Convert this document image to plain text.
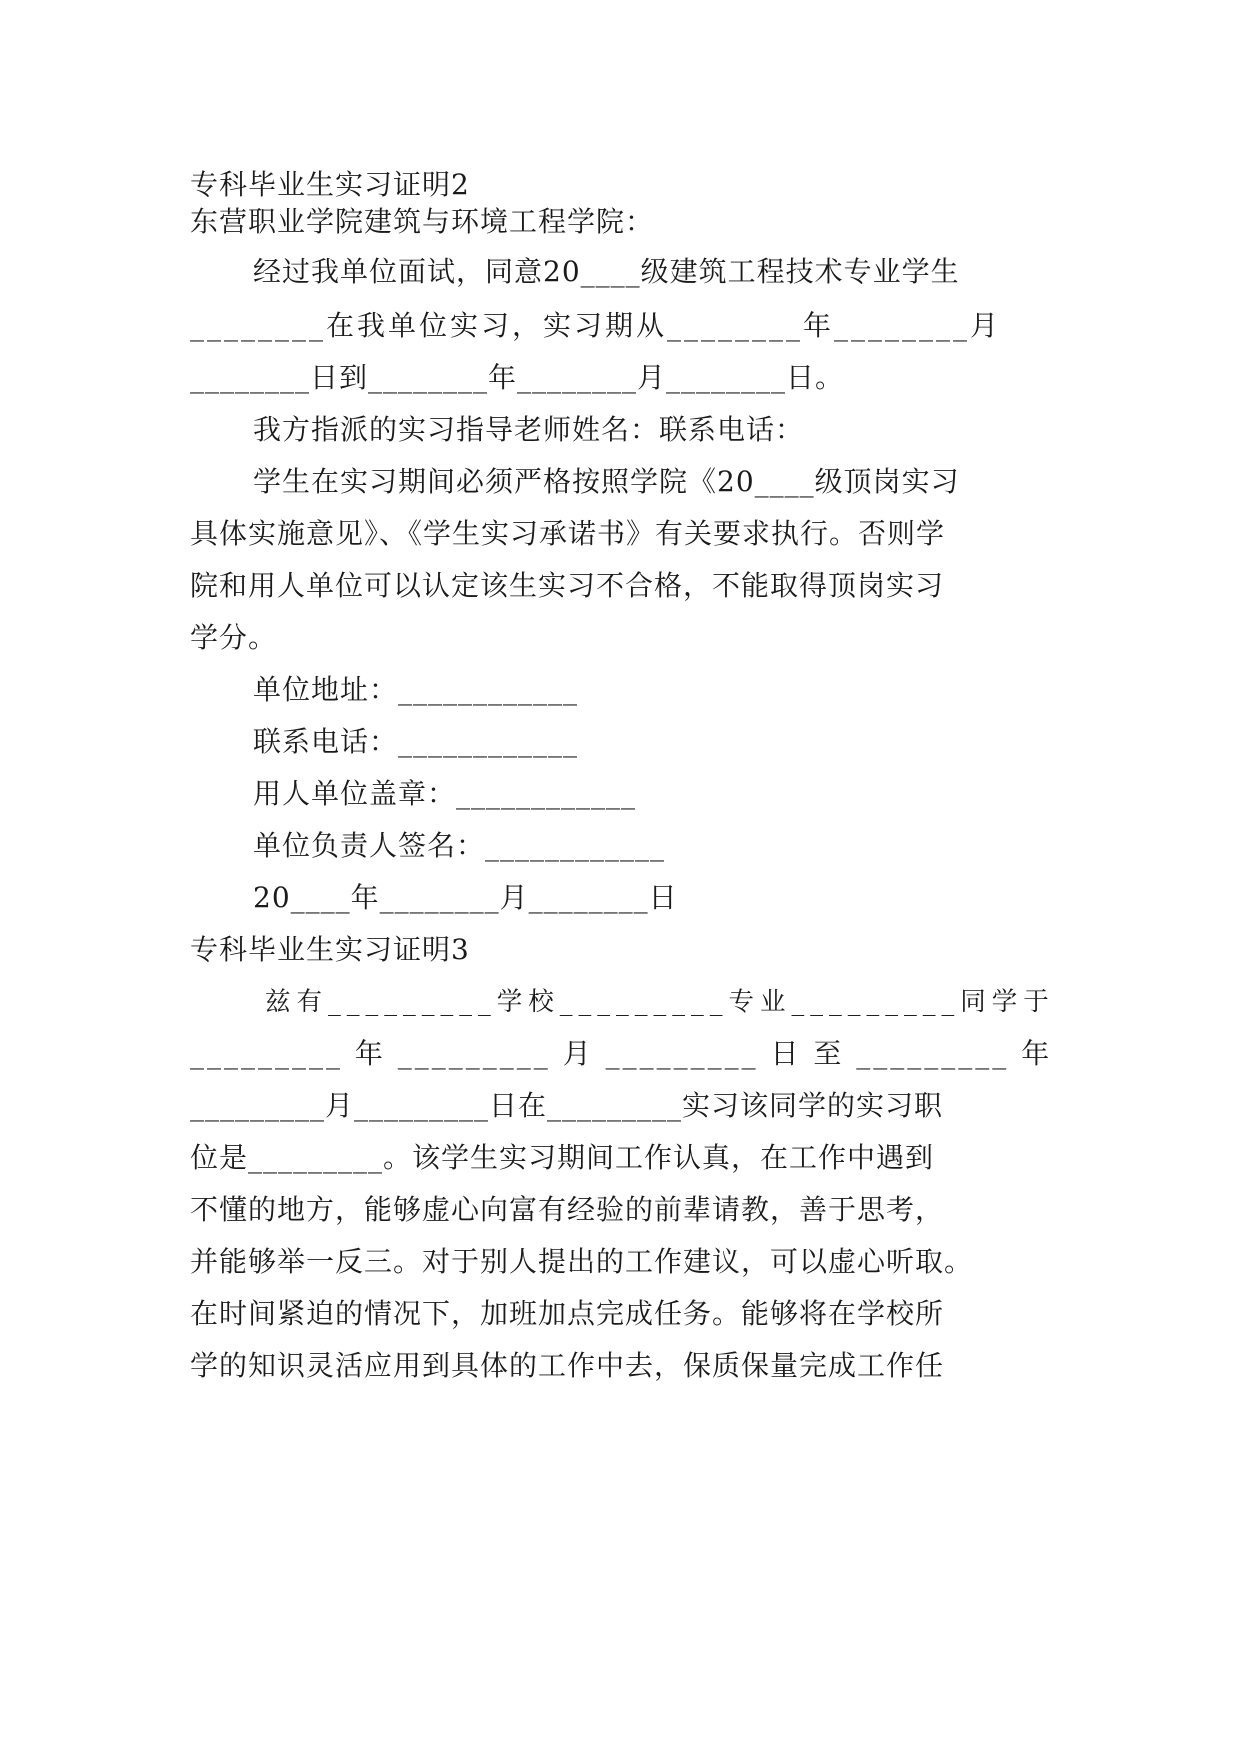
专科毕业生实习证明2
东营职业学院建筑与环境工程学院：
经过我单位面试，同意20____级建筑工程技术专业学生
________在我单位实习，实习期从________年________月
________日到________年________月________日。
我方指派的实习指导老师姓名：联系电话：
学生在实习期间必须严格按照学院《20____级顶岗实习
具体实施意见》、《学生实习承诺书》有关要求执行。否则学
院和用人单位可以认定该生实习不合格，不能取得顶岗实习
学分。
单位地址：____________
联系电话：____________
用人单位盖章：____________
单位负责人签名：____________
20____年________月________日
专科毕业生实习证明3
兹有_________学校_________专业_________同学于
_________ 年 _________ 月 _________ 日 至 _________ 年
_________月_________日在_________实习该同学的实习职
位是_________。该学生实习期间工作认真，在工作中遇到
不懂的地方，能够虚心向富有经验的前辈请教，善于思考，
并能够举一反三。对于别人提出的工作建议，可以虚心听取。
在时间紧迫的情况下，加班加点完成任务。能够将在学校所
学的知识灵活应用到具体的工作中去，保质保量完成工作任
